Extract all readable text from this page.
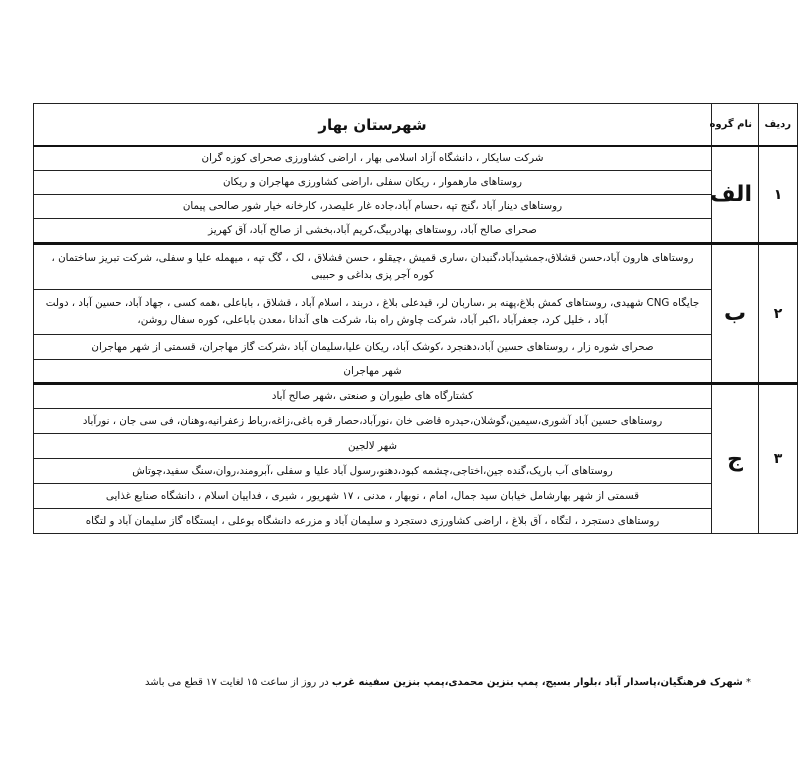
ردیف	نام گروه	شهرستان بهار
۱	الف	شرکت سایکار ، دانشگاه آزاد اسلامی بهار ، اراضی کشاورزی صحرای کوزه گران
		روستاهای مارهموار ، ریکان سفلی ،اراضی کشاورزی مهاجران و ریکان
		روستاهای دینار آباد ،گنج تپه ،حسام آباد،جاده غار علیصدر، کارخانه خیار شور صالحی پیمان
		صحرای صالح آباد، روستاهای بهادربیگ،کریم آباد،بخشی از صالح آباد، آق کهریز
۲	ب	روستاهای هارون آباد،حسن قشلاق،جمشیدآباد،گنبدان ،ساری قمیش ،چیقلو ، حسن قشلاق ، لک ، گگ تپه ، میهمله علیا و سفلی، شرکت تبریز ساختمان ، کوره آجر پزی بداغی و حبیبی
		جایگاه CNG شهیدی، روستاهای کمش بلاغ،پهنه بر ،ساربان لر، قیدعلی بلاغ ، دربند ، اسلام آباد ، قشلاق ، باباعلی ،همه کسی ، جهاد آباد، حسین آباد ، دولت آباد ، خلیل کرد، جعفرآباد ،اکبر آباد، شرکت چاوش راه بنا، شرکت های آندانا ،معدن باباعلی، کوره سفال روشن،
		صحرای شوره زار ، روستاهای حسین آباد،دهنجرد ،کوشک آباد، ریکان علیا،سلیمان آباد ،شرکت گاز مهاجران، قسمتی از شهر مهاجران
		شهر مهاجران
۳	ج	کشتارگاه های طیوران و صنعتی ،شهر صالح آباد
		روستاهای حسین آباد آشوری،سیمین،گوشلان،حیدره قاضی خان ،نورآباد،حصار قره باغی،زاغه،رباط زعفرانیه،وهنان، فی سی جان ، نورآباد
		شهر لالجین
		روستاهای آب باریک،گنده جین،اختاجی،چشمه کبود،دهنو،رسول آباد علیا و سفلی ،آبرومند،روان،سنگ سفید،چوتاش
		قسمتی از شهر بهارشامل خیابان سید جمال، امام ، نوبهار ، مدنی ، ۱۷ شهریور ، شیری ، فداییان اسلام ، دانشگاه صنایع غذایی
		روستاهای دستجرد ، لتگاه ، آق بلاغ ، اراضی کشاورزی دستجرد و سلیمان آباد و مزرعه دانشگاه بوعلی ، ایستگاه گاز سلیمان آباد و لتگاه
* شهرک فرهنگیان،پاسدار آباد ،بلوار بسیج، پمپ بنزین محمدی،پمپ بنزین سفینه غرب در روز از ساعت ۱۵ لغایت ۱۷ قطع می باشد
